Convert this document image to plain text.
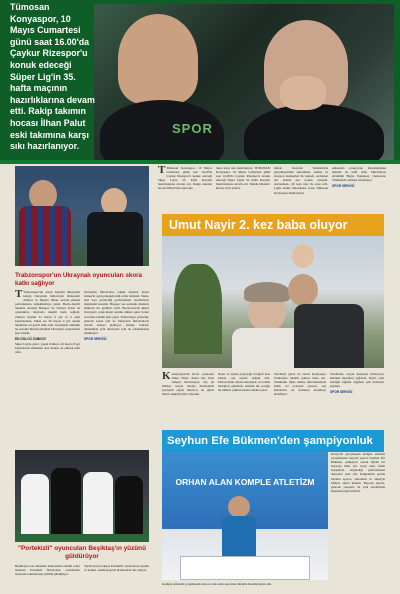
Tümosan Konyaspor, 10 Mayıs Cumartesi günü saat 16.00'da Çaykur Rizespor'u konuk edeceği Süper Lig'in 35. hafta maçının hazırlıklarına devam etti. Rakip takımın hocası İlhan Palut eski takımına karşı sıkı hazırlanıyor.
SPOR
Trabzonspor'un Ukraynalı oyuncuları skora katkı sağlıyor

T Trabzonspor'un sezon başında bünyesine kattığı Ukraynalı futbolcular Oleksandr Zubkov ve Danylo Sikan, sezonu yüksek performansla tamamlamaya yakın. Bordo-mavili takımda Arseniy Batagov ile Eduard Sobol da oynadıkları maçlarda önemli katkı sağladı. Zubkov ligdeki 31 maçta 6 gol ve 6 asist kaydederken, Sikan ise 29 maçta 9 gol atarak takımının en golcü ismi oldu. Karadeniz ekibinin bu sezonki hücum gücünde Ukraynalı oyuncuların payı büyük.

EN GOLCÜ ZUBKOV

Süper Lig'de görev yapan Zubkov, 26 maçta 8 gol kaydederek takımının skor katkısı en yüksek ismi oldu.

Ukraynalı futbolcular, teknik direktör Şenol Güneş'in oyun planında kilit roller üstlendi. Sikan, ileri uçta gösterdiği performansla taraftarların beğenisini kazandı. Batagov ise savunma hattında istikrarlı bir görüntü verdi. Bordo-mavili ekipte Ukraynalı oyuncuların uyumu dikkat çekti. Sobol sol bekte önemli işler yaptı. Trabzonspor yönetimi, gelecek sezon için de Ukraynalı futbolcularla devam etmeyi planlıyor. Kulüp, transfer döneminde yeni takviyeler için de çalışmalarını sürdürüyor.

SPOR SERVİSİ

T Tümosan Konyaspor, 10 Mayıs Cumartesi günü saat 16.00'da Çaykur Rizespor'u konuk edeceği Süper Lig'in 35. hafta maçının hazırlıklarına devam etti. Rakip takımın hocası İlhan Palut eski takı-

mına karşı sıkı hazırlanıyor. TÜMOSAN Konyaspor, 10 Mayıs Cumartesi günü saat 16.00'da Çaykur Rizespor'u konuk edeceği Süper Lig'in 35. hafta maçının hazırlıklarına devam etti. Teknik Direktör Recep Uçar yöneti-

minde Kayacık Tesislerinde gerçekleştirilen antrenman, ısınma ve istasyon hareketleri ile başladı. Ardından dar alanda pas oyunu çalışıldı. Antrenman, çift kale maç ile sona erdi. Ligde kalma mücadelesi veren Tümosan Konyaspor kritik maçta

sahasında oynayacak. Karşılaşmanın hakemi de belli oldu. Mücadeleyi Abdullah Buğra Taşkınsoy yönetecek. Tribünlerin dolması bekleniyor.

SPOR SERVİSİ

Umut Nayir 2. kez baba oluyor

K Konyaspor'un forvet oyuncusu Umut Nayir, ikinci kez baba olmaya hazırlanıyor. Eşi ile birlikte sosyal medya hesabından paylaşım yapan futbolcu, bu güzel haberi takipçileriyle duyurdu.

Nayir ve eşinin paylaştığı fotoğraf kısa sürede çok sayıda beğeni aldı. Futbolcunun takım arkadaşları da tebrik mesajları gönderdi. Ailenin ilk çocuğu ile birlikte çekilen kareler dikkat çekti.

Tecrübeli golcü bu sezon Konyaspor formasıyla önemli gollere imza attı. Takımının ligde kalma mücadelesinde kritik rol oynayan oyuncu, son haftalarda da formunu korumayı hedefliyor.

Taraftarlar, sosyal medyada futbolcuya kutlama mesajları yağdırdı. Nayir, yeni bebeğin sağlıklı doğması için dualarını paylaştı.

SPOR SERVİSİ

Seyhun Efe Bükmen'den şampiyonluk
ORHAN ALAN KOMPLE ATLETİZM

Konya'da gerçekleşen komple atletizm yarışmasında başarılı sporcu Seyhun Efe Bükmen, şampiyon olarak büyük bir başarıya imza attı. Genç atlet, farklı branşlarda sergilediği performansla dereceler elde etti. Rakiplerini geride bırakan sporcu, antrenörü ve ailesiyle birlikte zaferi kutladı. Başarılı sporcu, gelecek yarışlara da aynı kararlılıkla hazırlanacağını belirtti.

Komple Atletizm yarışmasında derece elde eden sporcular kürsüde madalyalarını aldı.

"Portekizli" oyuncuları Beşiktaş'ın yüzünü güldürüyor

Beşiktaş'ın son dönemde kadrosunda önemli roller üstlenen Portekizli futbolcular, oynadıkları maçlarda takımlarının yüzünü güldürüyor.

Siyah-beyazlı ekipte Portekizli oyuncuların uyumu ve katkısı, teknik heyetin planlarında öne çıkıyor.
